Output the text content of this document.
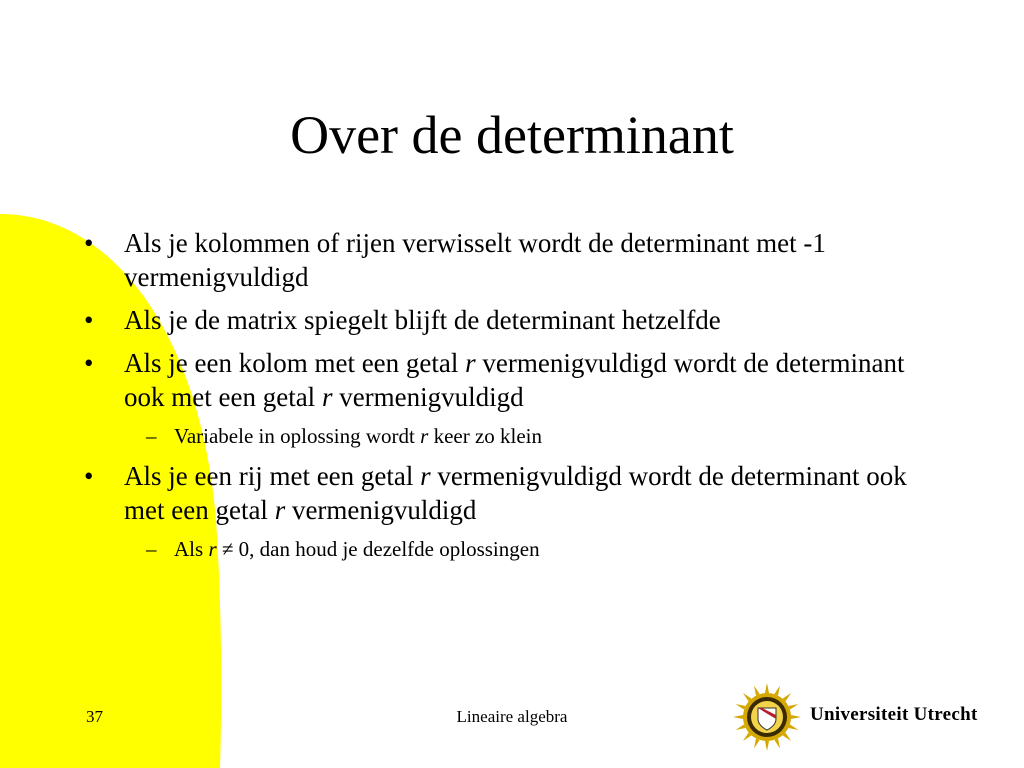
Over de determinant
• Als je kolommen of rijen verwisselt wordt de determinant met -1 vermenigvuldigd
• Als je de matrix spiegelt blijft de determinant hetzelfde
• Als je een kolom met een getal r vermenigvuldigd wordt de determinant ook met een getal r vermenigvuldigd
– Variabele in oplossing wordt r keer zo klein
• Als je een rij met een getal r vermenigvuldigd wordt de determinant ook met een getal r vermenigvuldigd
– Als r ≠ 0, dan houd je dezelfde oplossingen
37	Lineaire algebra	Universiteit Utrecht
